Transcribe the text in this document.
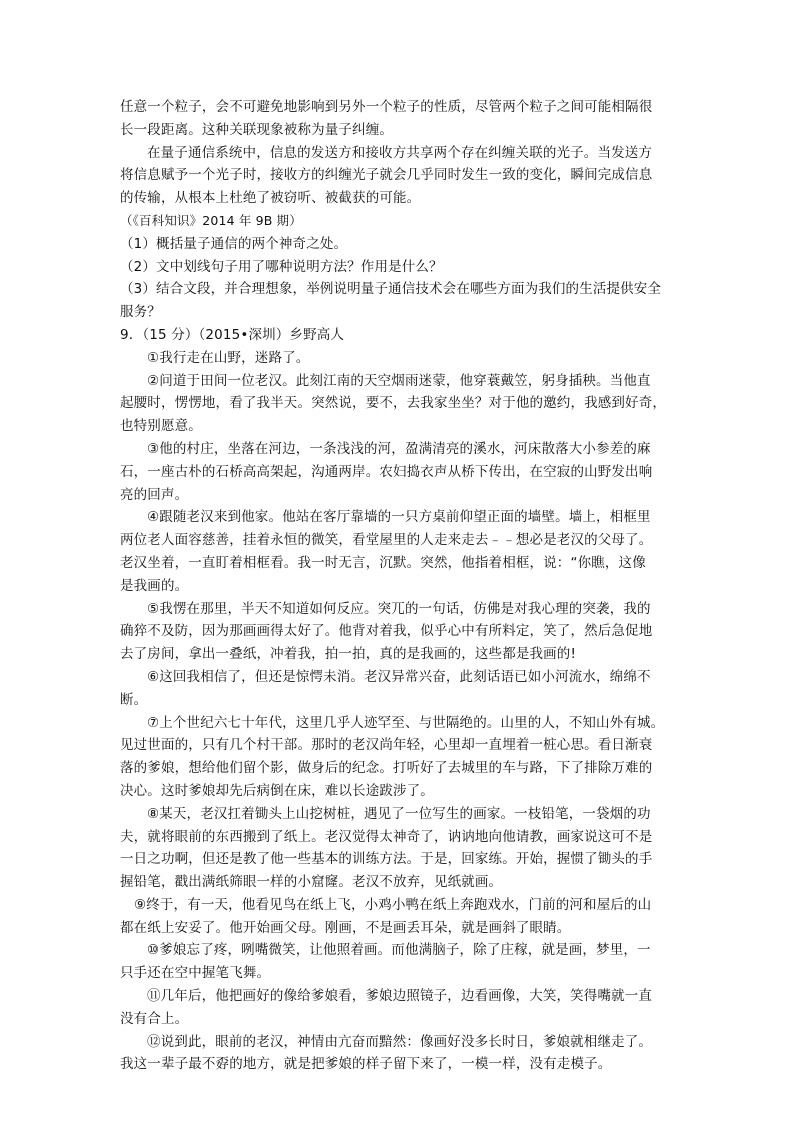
任意一个粒子，会不可避免地影响到另外一个粒子的性质，尽管两个粒子之间可能相隔很
长一段距离。这种关联现象被称为量子纠缠。
在量子通信系统中，信息的发送方和接收方共享两个存在纠缠关联的光子。当发送方
将信息赋予一个光子时，接收方的纠缠光子就会几乎同时发生一致的变化，瞬间完成信息
的传输，从根本上杜绝了被窃听、被截获的可能。
（《百科知识》2014 年 9B 期）
（1）概括量子通信的两个神奇之处。
（2）文中划线句子用了哪种说明方法？作用是什么？
（3）结合文段，并合理想象，举例说明量子通信技术会在哪些方面为我们的生活提供安全
服务？
9．（15 分）（2015•深圳）乡野高人
①我行走在山野，迷路了。
②问道于田间一位老汉。此刻江南的天空烟雨迷蒙，他穿蓑戴笠，躬身插秧。当他直
起腰时，愣愣地，看了我半天。突然说，要不，去我家坐坐？对于他的邀约，我感到好奇，
也特别愿意。
③他的村庄，坐落在河边，一条浅浅的河，盈满清亮的溪水，河床散落大小参差的麻
石，一座古朴的石桥高高架起，沟通两岸。农妇捣衣声从桥下传出，在空寂的山野发出响
亮的回声。
④跟随老汉来到他家。他站在客厅靠墙的一只方桌前仰望正面的墙壁。墙上，相框里
两位老人面容慈善，挂着永恒的微笑，看堂屋里的人走来走去﹣﹣想必是老汉的父母了。
老汉坐着，一直盯着相框看。我一时无言，沉默。突然，他指着相框，说：“你瞧，这像
是我画的。
⑤我愣在那里，半天不知道如何反应。突兀的一句话，仿佛是对我心理的突袭，我的
确猝不及防，因为那画画得太好了。他背对着我，似乎心中有所料定，笑了，然后急促地
去了房间，拿出一叠纸，冲着我，拍一拍，真的是我画的，这些都是我画的!
⑥这回我相信了，但还是惊愕未消。老汉异常兴奋，此刻话语已如小河流水，绵绵不
断。
⑦上个世纪六七十年代，这里几乎人迹罕至、与世隔绝的。山里的人，不知山外有城。
见过世面的，只有几个村干部。那时的老汉尚年轻，心里却一直埋着一桩心思。看日渐衰
落的爹娘，想给他们留个影，做身后的纪念。打听好了去城里的车与路，下了排除万难的
决心。这时爹娘却先后病倒在床，难以长途跋涉了。
⑧某天，老汉扛着锄头上山挖树桩，遇见了一位写生的画家。一枝铅笔，一袋烟的功
夫，就将眼前的东西搬到了纸上。老汉觉得太神奇了，讷讷地向他请教，画家说这可不是
一日之功啊，但还是教了他一些基本的训练方法。于是，回家练。开始，握惯了锄头的手
握铅笔，戳出满纸筛眼一样的小窟窿。老汉不放弃，见纸就画。
⑨终于，有一天，他看见鸟在纸上飞，小鸡小鸭在纸上奔跑戏水，门前的河和屋后的山
都在纸上安妥了。他开始画父母。刚画，不是画丢耳朵，就是画斜了眼睛。
⑩爹娘忘了疼，咧嘴微笑，让他照着画。而他满脑子，除了庄稼，就是画，梦里，一
只手还在空中握笔飞舞。
⑪几年后，他把画好的像给爹娘看，爹娘边照镜子，边看画像，大笑，笑得嘴就一直
没有合上。
⑫说到此，眼前的老汉，神情由亢奋而黯然：像画好没多长时日，爹娘就相继走了。
我这一辈子最不孬的地方，就是把爹娘的样子留下来了，一模一样，没有走模子。
